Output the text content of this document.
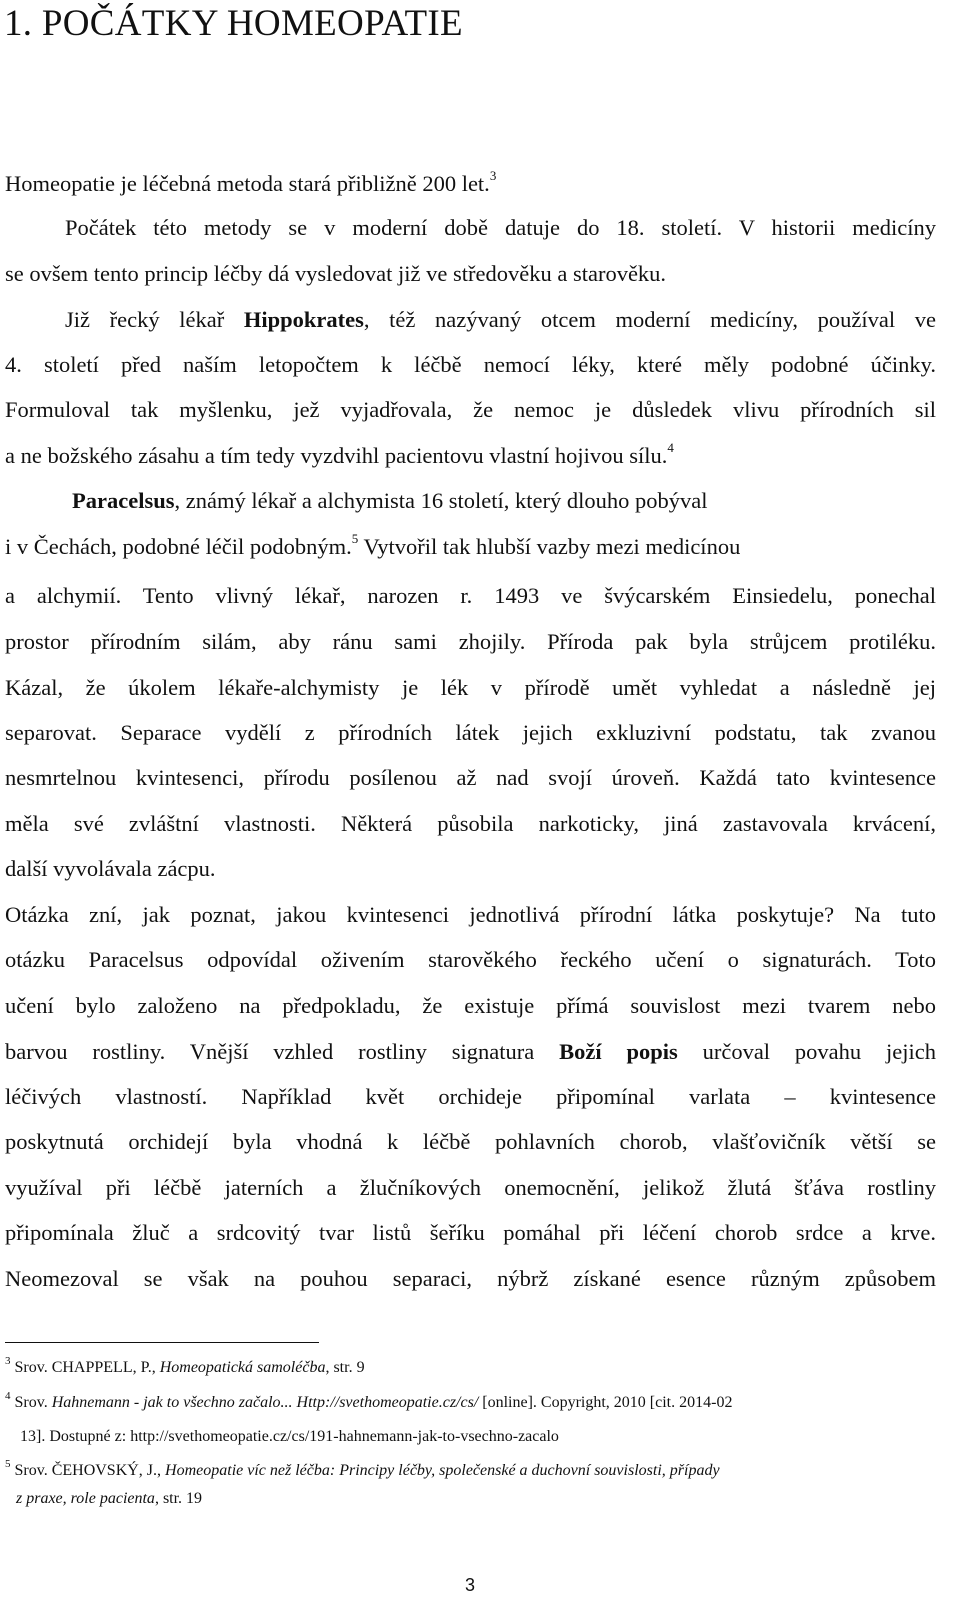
1. POČÁTKY HOMEOPATIE
Homeopatie je léčebná metoda stará přibližně 200 let.$^3$
Počátek této metody se v moderní době datuje do 18. století. V historii medicíny
se ovšem tento princip léčby dá vysledovat již ve středověku a starověku.
Již řecký lékař Hippokrates, též nazývaný otcem moderní medicíny, používal ve
4. století před naším letopočtem k léčbě nemocí léky, které měly podobné účinky.
Formuloval tak myšlenku, jež vyjadřovala, že nemoc je důsledek vlivu přírodních sil
a ne božského zásahu a tím tedy vyzdvihl pacientovu vlastní hojivou sílu.$^4$
Paracelsus, známý lékař a alchymista 16 století, který dlouho pobýval
i v Čechách, podobné léčil podobným.$^5$ Vytvořil tak hlubší vazby mezi medicínou
a alchymií. Tento vlivný lékař, narozen r. 1493 ve švýcarském Einsiedelu, ponechal
prostor přírodním silám, aby ránu sami zhojily. Příroda pak byla strůjcem protiléku.
Kázal, že úkolem lékaře-alchymisty je lék v přírodě umět vyhledat a následně jej
separovat. Separace vydělí z přírodních látek jejich exkluzivní podstatu, tak zvanou
nesmrtelnou kvintesenci, přírodu posílenou až nad svojí úroveň. Každá tato kvintesence
měla své zvláštní vlastnosti. Některá působila narkoticky, jiná zastavovala krvácení,
další vyvolávala zácpu.
Otázka zní, jak poznat, jakou kvintesenci jednotlivá přírodní látka poskytuje? Na tuto
otázku Paracelsus odpovídal oživením starověkého řeckého učení o signaturách. Toto
učení bylo založeno na předpokladu, že existuje přímá souvislost mezi tvarem nebo
barvou rostliny. Vnější vzhled rostliny signatura Boží popis určoval povahu jejich
léčivých vlastností. Například květ orchideje připomínal varlata – kvintesence
poskytnutá orchidejí byla vhodná k léčbě pohlavních chorob, vlašťovičník větší se
využíval při léčbě jaterních a žlučníkových onemocnění, jelikož žlutá šťáva rostliny
připomínala žluč a srdcovitý tvar listů šeříku pomáhal při léčení chorob srdce a krve.
Neomezoval se však na pouhou separaci, nýbrž získané esence různým způsobem
$^3$ Srov. CHAPPELL, P., Homeopatická samoléčba, str. 9
$^4$ Srov. Hahnemann - jak to všechno začalo... Http://svethomeopatie.cz/cs/ [online]. Copyright, 2010 [cit. 2014-02
13]. Dostupné z: http://svethomeopatie.cz/cs/191-hahnemann-jak-to-vsechno-zacalo
$^5$ Srov. ČEHOVSKÝ, J., Homeopatie víc než léčba: Principy léčby, společenské a duchovní souvislosti, případy
z praxe, role pacienta, str. 19
3
